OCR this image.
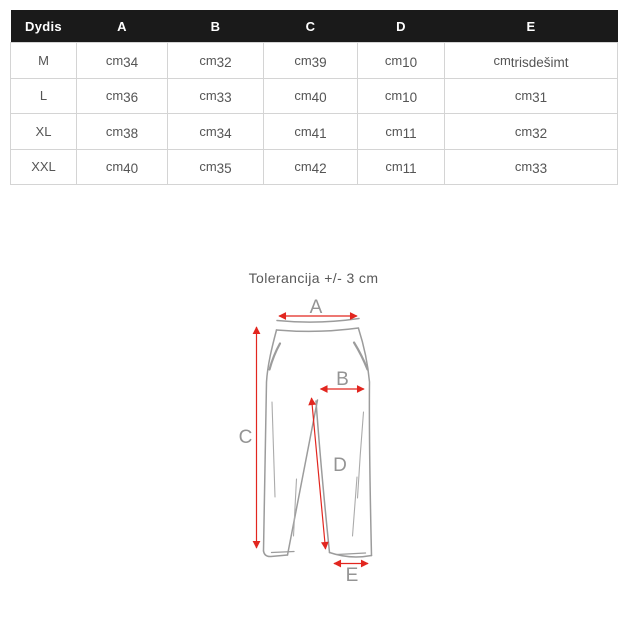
Dydis	A	B	C	D	E
M	cm34	cm32	cm39	cm10	cmtrisdešimt
L	cm36	cm33	cm40	cm10	cm31
XL	cm38	cm34	cm41	cm11	cm32
XXL	cm40	cm35	cm42	cm11	cm33
Tolerancija +/- 3 cm
A
B
C
D
E
